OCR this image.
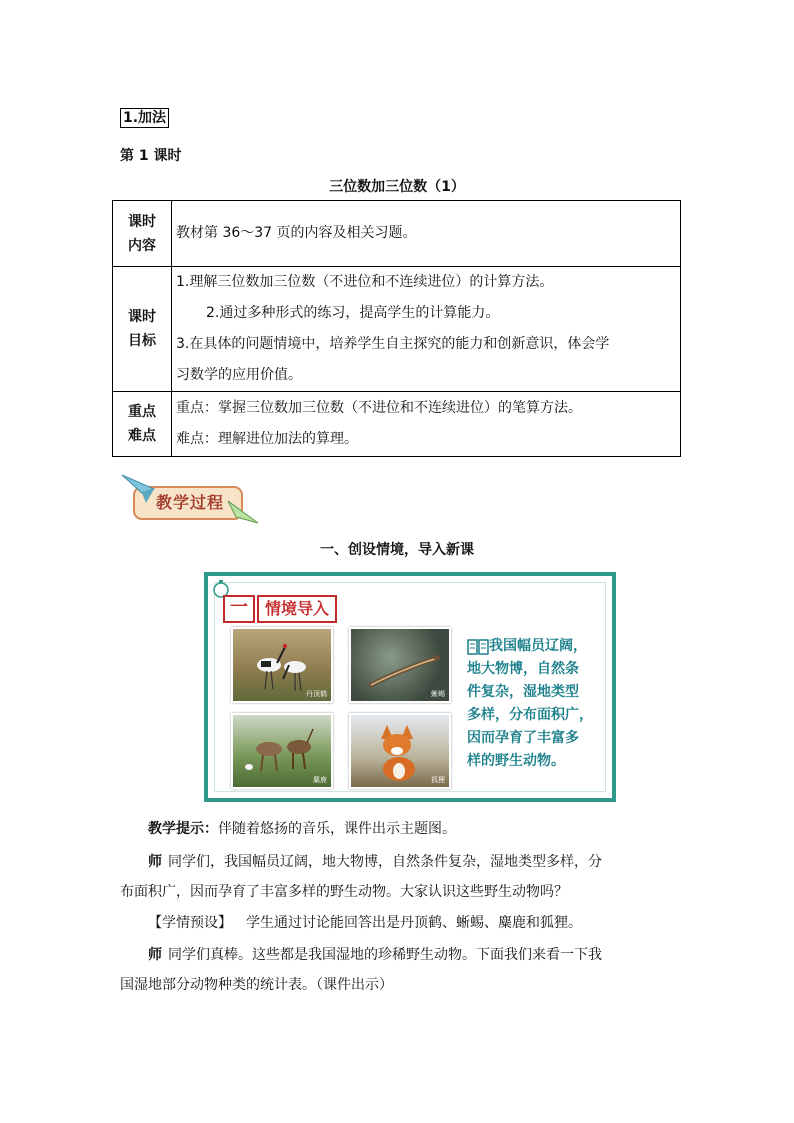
1.加法
第 1 课时
三位数加三位数（1）
课时内容	教材第 36～37 页的内容及相关习题。

课时目标	1.理解三位数加三位数（不进位和不连续进位）的计算方法。
2.通过多种形式的练习，提高学生的计算能力。
3.在具体的问题情境中，培养学生自主探究的能力和创新意识，体会学
习数学的应用价值。

重点难点	重点：掌握三位数加三位数（不进位和不连续进位）的笔算方法。
难点：理解进位加法的算理。
教学过程
一、创设情境，导入新课
一	情境导入
丹顶鹤	蜥蜴
麋鹿	狐狸
我国幅员辽阔，
地大物博，自然条
件复杂，湿地类型
多样，分布面积广，
因而孕育了丰富多
样的野生动物。
教学提示：伴随着悠扬的音乐，课件出示主题图。
师 同学们，我国幅员辽阔，地大物博，自然条件复杂，湿地类型多样，分
布面积广，因而孕育了丰富多样的野生动物。大家认识这些野生动物吗？
【学情预设】 学生通过讨论能回答出是丹顶鹤、蜥蜴、麋鹿和狐狸。
师 同学们真棒。这些都是我国湿地的珍稀野生动物。下面我们来看一下我
国湿地部分动物种类的统计表。（课件出示）
